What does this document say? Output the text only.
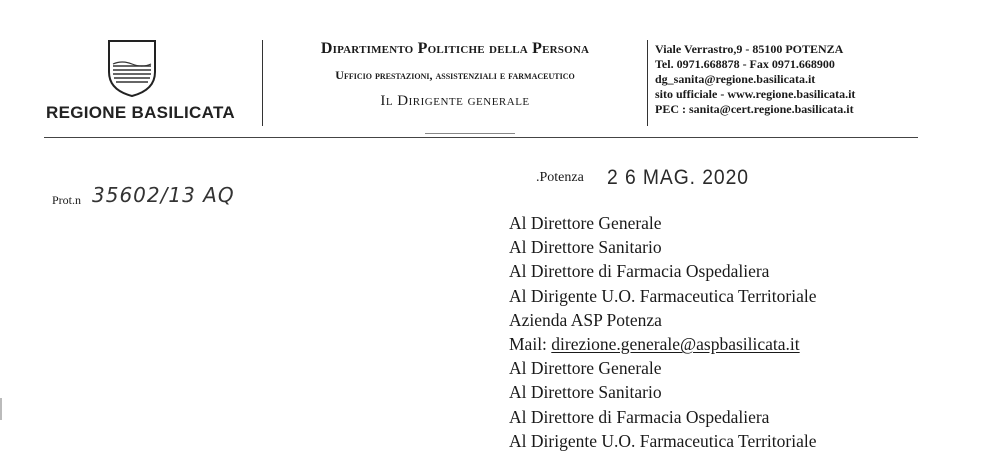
REGIONE BASILICATA
Dipartimento Politiche della Persona
Ufficio prestazioni, assistenziali e farmaceutico
Il Dirigente generale
Viale Verrastro,9 - 85100 POTENZA
Tel. 0971.668878 - Fax 0971.668900
dg_sanita@regione.basilicata.it
sito ufficiale - www.regione.basilicata.it
PEC : sanita@cert.regione.basilicata.it
.Potenza 2 6 MAG. 2020
Prot.n 35602/13 AQ
Al Direttore Generale
Al Direttore Sanitario
Al Direttore di Farmacia Ospedaliera
Al Dirigente U.O. Farmaceutica Territoriale
Azienda ASP Potenza
Mail: direzione.generale@aspbasilicata.it
Al Direttore Generale
Al Direttore Sanitario
Al Direttore di Farmacia Ospedaliera
Al Dirigente U.O. Farmaceutica Territoriale
